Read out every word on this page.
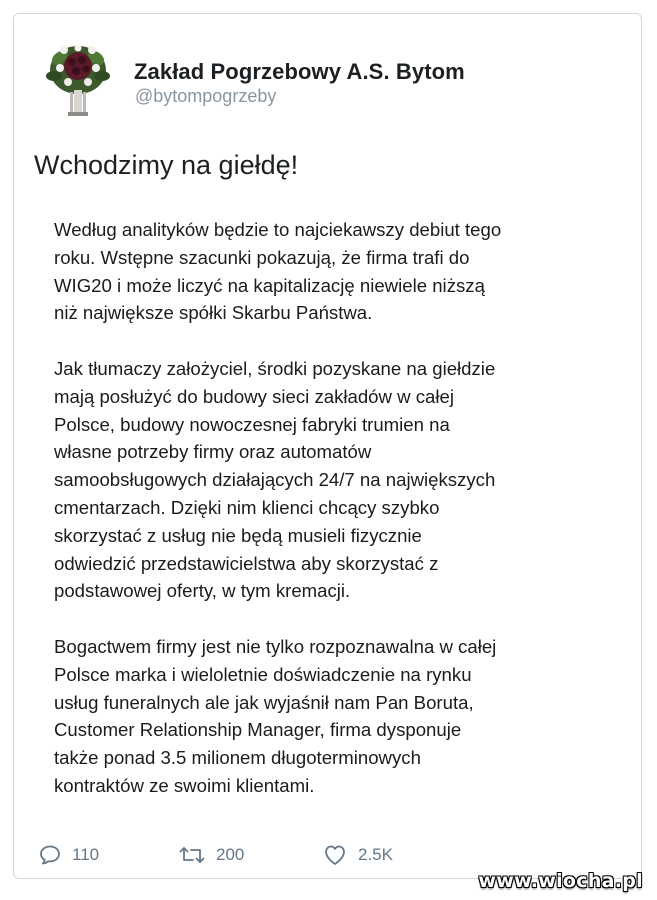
Zakład Pogrzebowy A.S. Bytom
@bytompogrzeby
Wchodzimy na giełdę!

Według analityków będzie to najciekawszy debiut tego
roku. Wstępne szacunki pokazują, że firma trafi do
WIG20 i może liczyć na kapitalizację niewiele niższą
niż największe spółki Skarbu Państwa.

Jak tłumaczy założyciel, środki pozyskane na giełdzie
mają posłużyć do budowy sieci zakładów w całej
Polsce, budowy nowoczesnej fabryki trumien na
własne potrzeby firmy oraz automatów
samoobsługowych działających 24/7 na największych
cmentarzach. Dzięki nim klienci chcący szybko
skorzystać z usług nie będą musieli fizycznie
odwiedzić przedstawicielstwa aby skorzystać z
podstawowej oferty, w tym kremacji.

Bogactwem firmy jest nie tylko rozpoznawalna w całej
Polsce marka i wieloletnie doświadczenie na rynku
usług funeralnych ale jak wyjaśnił nam Pan Boruta,
Customer Relationship Manager, firma dysponuje
także ponad 3.5 milionem długoterminowych
kontraktów ze swoimi klientami.

110	200	2.5K
www.wiocha.pl
